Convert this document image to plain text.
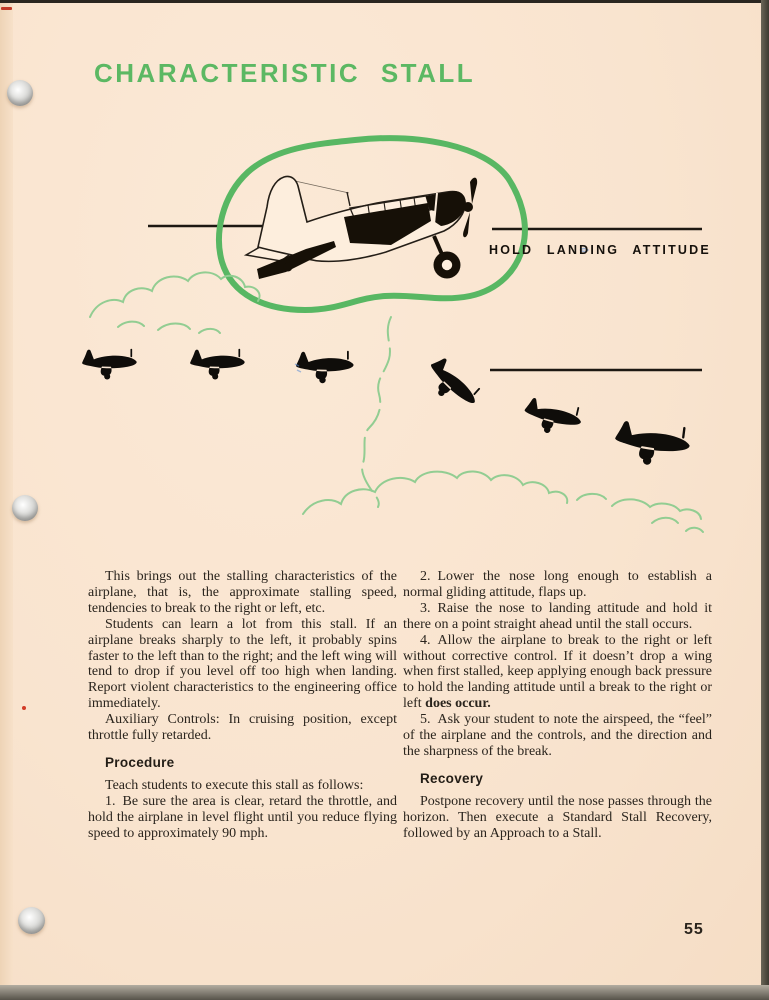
CHARACTERISTIC STALL
HOLD LANDING ATTITUDE

This brings out the stalling characteristics of the airplane, that is, the approximate stalling speed, tendencies to break to the right or left, etc.

Students can learn a lot from this stall. If an airplane breaks sharply to the left, it probably spins faster to the left than to the right; and the left wing will tend to drop if you level off too high when landing. Report violent characteristics to the engineering office immediately.

Auxiliary Controls: In cruising position, except throttle fully retarded.

Procedure

Teach students to execute this stall as follows:

1. Be sure the area is clear, retard the throttle, and hold the airplane in level flight until you reduce flying speed to approximately 90 mph.

2. Lower the nose long enough to establish a normal gliding attitude, flaps up.

3. Raise the nose to landing attitude and hold it there on a point straight ahead until the stall occurs.

4. Allow the airplane to break to the right or left without corrective control. If it doesn’t drop a wing when first stalled, keep applying enough back pressure to hold the landing attitude until a break to the right or left does occur.

5. Ask your student to note the airspeed, the “feel” of the airplane and the controls, and the direction and the sharpness of the break.

Recovery

Postpone recovery until the nose passes through the horizon. Then execute a Standard Stall Recovery, followed by an Approach to a Stall.

55
